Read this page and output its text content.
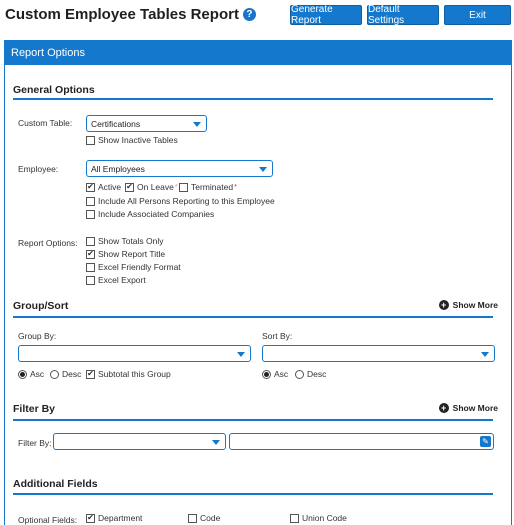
Custom Employee Tables Report ?	Generate Report
Default Settings	Exit
Report Options
General Options
Custom Table: Certifications
Show Inactive Tables
Employee:	All Employees
✔ Active ✔ On Leave * Terminated *
Include All Persons Reporting to this Employee
Include Associated Companies
Report Options: Show Totals Only
✔ Show Report Title
Excel Friendly Format
Excel Export
Group/Sort	+ Show More
Group By:	Sort By:
Asc Desc ✔ Subtotal this Group	Asc Desc
Filter By	+ Show More
Filter By:	✎
Additional Fields
Optional Fields: ✔ Department	Code	Union Code
